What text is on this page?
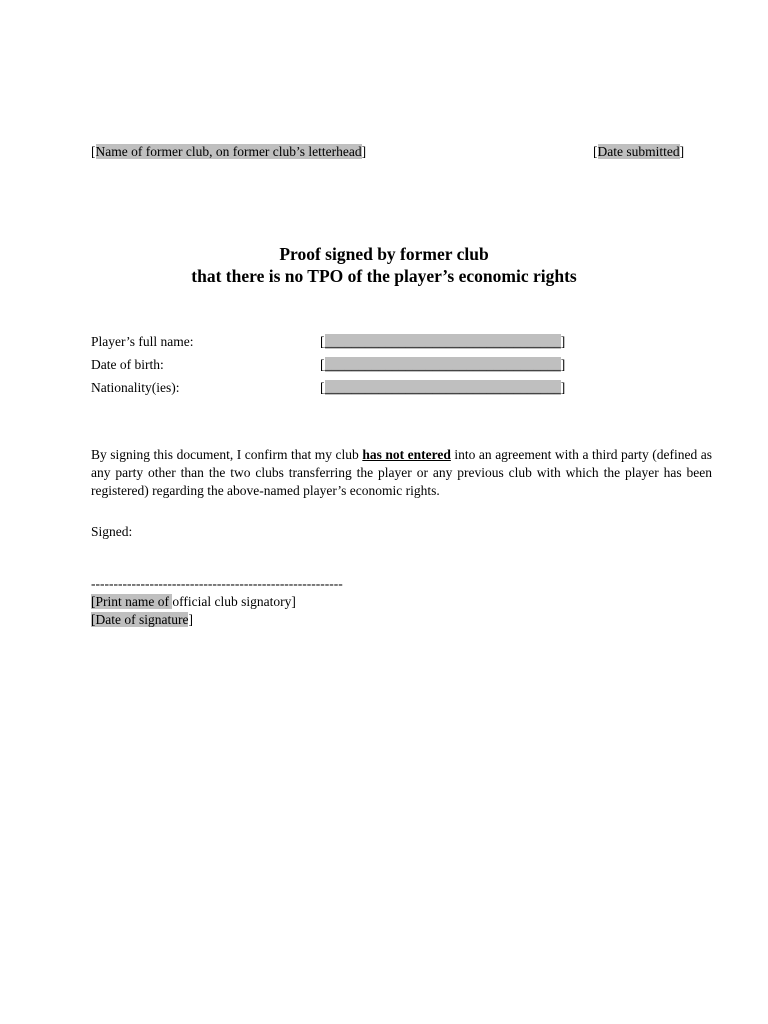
[Name of former club, on former club’s letterhead]	[Date submitted]
Proof signed by former club
that there is no TPO of the player’s economic rights
Player’s full name:	[___________________________________]
Date of birth:	[___________________________________]
Nationality(ies):	[___________________________________]

By signing this document, I confirm that my club has not entered into an agreement with a third party (defined as any party other than the two clubs transferring the player or any previous club with which the player has been registered) regarding the above-named player’s economic rights.

Signed:
--------------------------------------------------------
[Print name of official club signatory]
[Date of signature]
